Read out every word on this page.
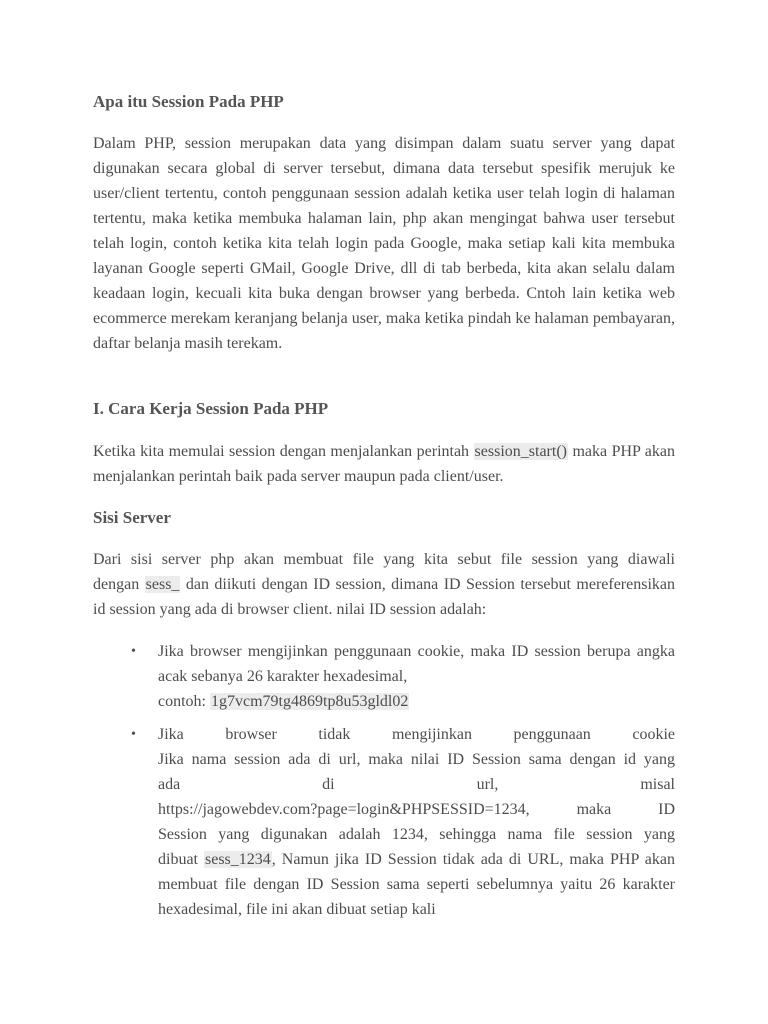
Apa itu Session Pada PHP

Dalam PHP, session merupakan data yang disimpan dalam suatu server yang dapat digunakan secara global di server tersebut, dimana data tersebut spesifik merujuk ke user/client tertentu, contoh penggunaan session adalah ketika user telah login di halaman tertentu, maka ketika membuka halaman lain, php akan mengingat bahwa user tersebut telah login, contoh ketika kita telah login pada Google, maka setiap kali kita membuka layanan Google seperti GMail, Google Drive, dll di tab berbeda, kita akan selalu dalam keadaan login, kecuali kita buka dengan browser yang berbeda. Cntoh lain ketika web ecommerce merekam keranjang belanja user, maka ketika pindah ke halaman pembayaran, daftar belanja masih terekam.

I. Cara Kerja Session Pada PHP

Ketika kita memulai session dengan menjalankan perintah session_start() maka PHP akan menjalankan perintah baik pada server maupun pada client/user.

Sisi Server

Dari sisi server php akan membuat file yang kita sebut file session yang diawali
dengan sess_ dan diikuti dengan ID session, dimana ID Session tersebut mereferensikan id session yang ada di browser client. nilai ID session adalah:

• Jika browser mengijinkan penggunaan cookie, maka ID session berupa angka acak sebanya 26 karakter hexadesimal,
contoh: 1g7vcm79tg4869tp8u53gldl02
• Jika browser tidak mengijinkan penggunaan cookie
Jika nama session ada di url, maka nilai ID Session sama dengan id yang
ada di url, misal
https://jagowebdev.com?page=login&PHPSESSID=1234, maka ID
Session yang digunakan adalah 1234, sehingga nama file session yang
dibuat sess_1234, Namun jika ID Session tidak ada di URL, maka PHP akan membuat file dengan ID Session sama seperti sebelumnya yaitu 26 karakter hexadesimal, file ini akan dibuat setiap kali
